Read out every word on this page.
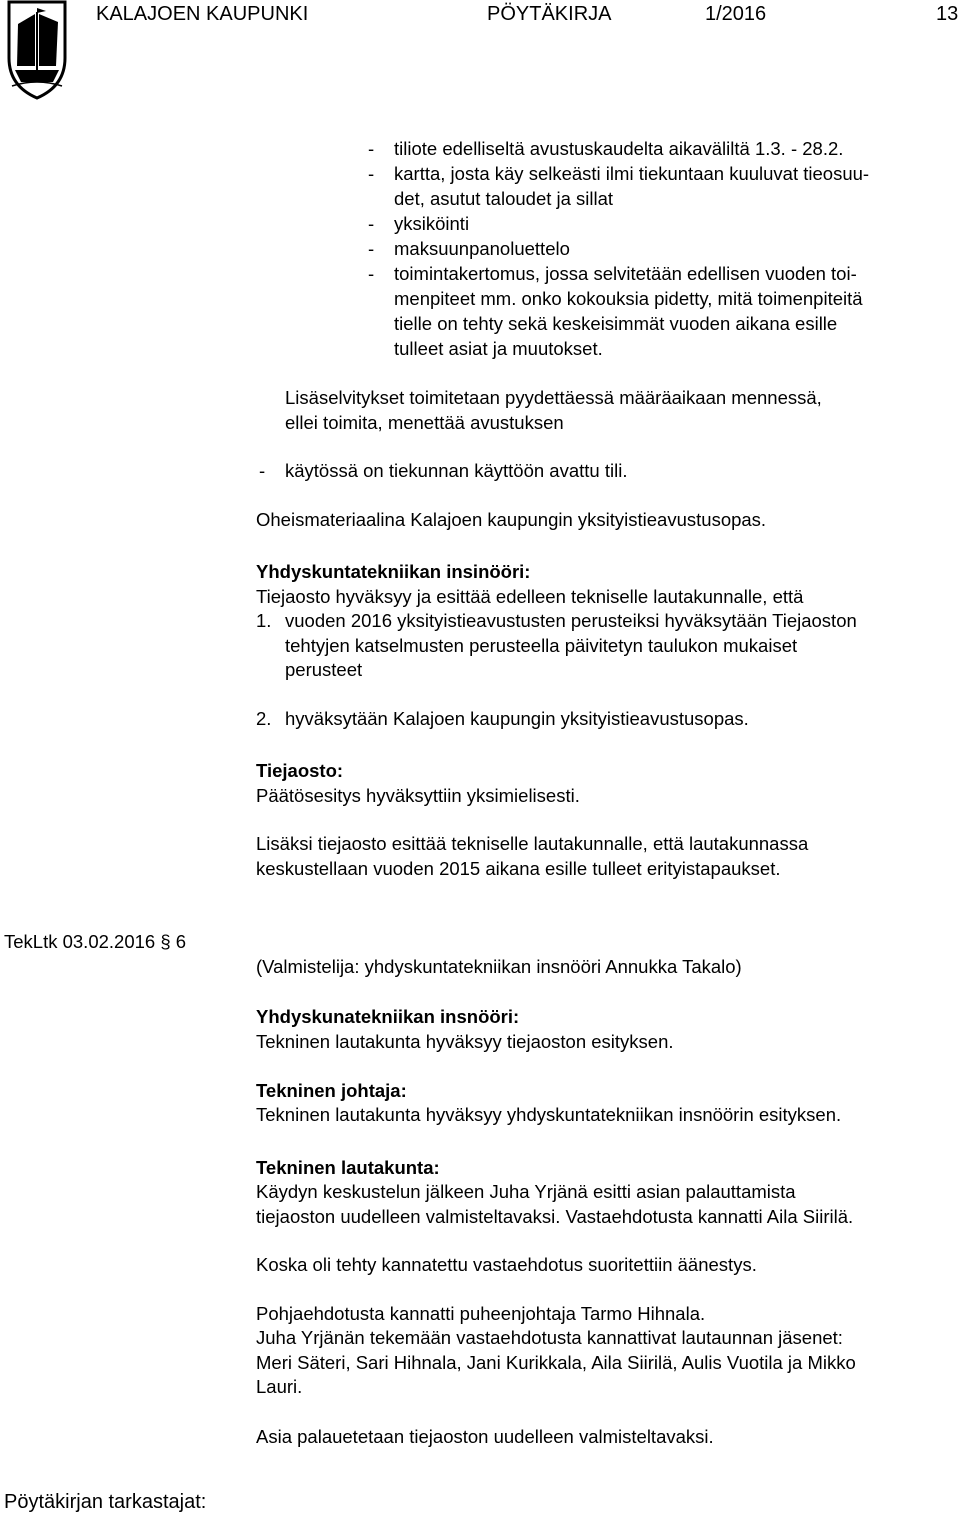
KALAJOEN KAUPUNKI	PÖYTÄKIRJA	1/2016	13
- tiliote edelliseltä avustuskaudelta aikaväliltä 1.3. - 28.2.
- kartta, josta käy selkeästi ilmi tiekuntaan kuuluvat tieosuu-
det, asutut taloudet ja sillat
- yksiköinti
- maksuunpanoluettelo
- toimintakertomus, jossa selvitetään edellisen vuoden toi-
menpiteet mm. onko kokouksia pidetty, mitä toimenpiteitä
tielle on tehty sekä keskeisimmät vuoden aikana esille
tulleet asiat ja muutokset.
Lisäselvitykset toimitetaan pyydettäessä määräaikaan mennessä,
ellei toimita, menettää avustuksen
- käytössä on tiekunnan käyttöön avattu tili.
Oheismateriaalina Kalajoen kaupungin yksityistieavustusopas.
Yhdyskuntatekniikan insinööri:
Tiejaosto hyväksyy ja esittää edelleen tekniselle lautakunnalle, että
1. vuoden 2016 yksityistieavustusten perusteiksi hyväksytään Tiejaoston
tehtyjen katselmusten perusteella päivitetyn taulukon mukaiset
perusteet
2. hyväksytään Kalajoen kaupungin yksityistieavustusopas.
Tiejaosto:
Päätösesitys hyväksyttiin yksimielisesti.
Lisäksi tiejaosto esittää tekniselle lautakunnalle, että lautakunnassa
keskustellaan vuoden 2015 aikana esille tulleet erityistapaukset.
TekLtk 03.02.2016 § 6
(Valmistelija: yhdyskuntatekniikan insnööri Annukka Takalo)
Yhdyskunatekniikan insnööri:
Tekninen lautakunta hyväksyy tiejaoston esityksen.
Tekninen johtaja:
Tekninen lautakunta hyväksyy yhdyskuntatekniikan insnöörin esityksen.
Tekninen lautakunta:
Käydyn keskustelun jälkeen Juha Yrjänä esitti asian palauttamista
tiejaoston uudelleen valmisteltavaksi. Vastaehdotusta kannatti Aila Siirilä.
Koska oli tehty kannatettu vastaehdotus suoritettiin äänestys.
Pohjaehdotusta kannatti puheenjohtaja Tarmo Hihnala.
Juha Yrjänän tekemään vastaehdotusta kannattivat lautaunnan jäsenet:
Meri Säteri, Sari Hihnala, Jani Kurikkala, Aila Siirilä, Aulis Vuotila ja Mikko
Lauri.
Asia palauetetaan tiejaoston uudelleen valmisteltavaksi.
Pöytäkirjan tarkastajat:
